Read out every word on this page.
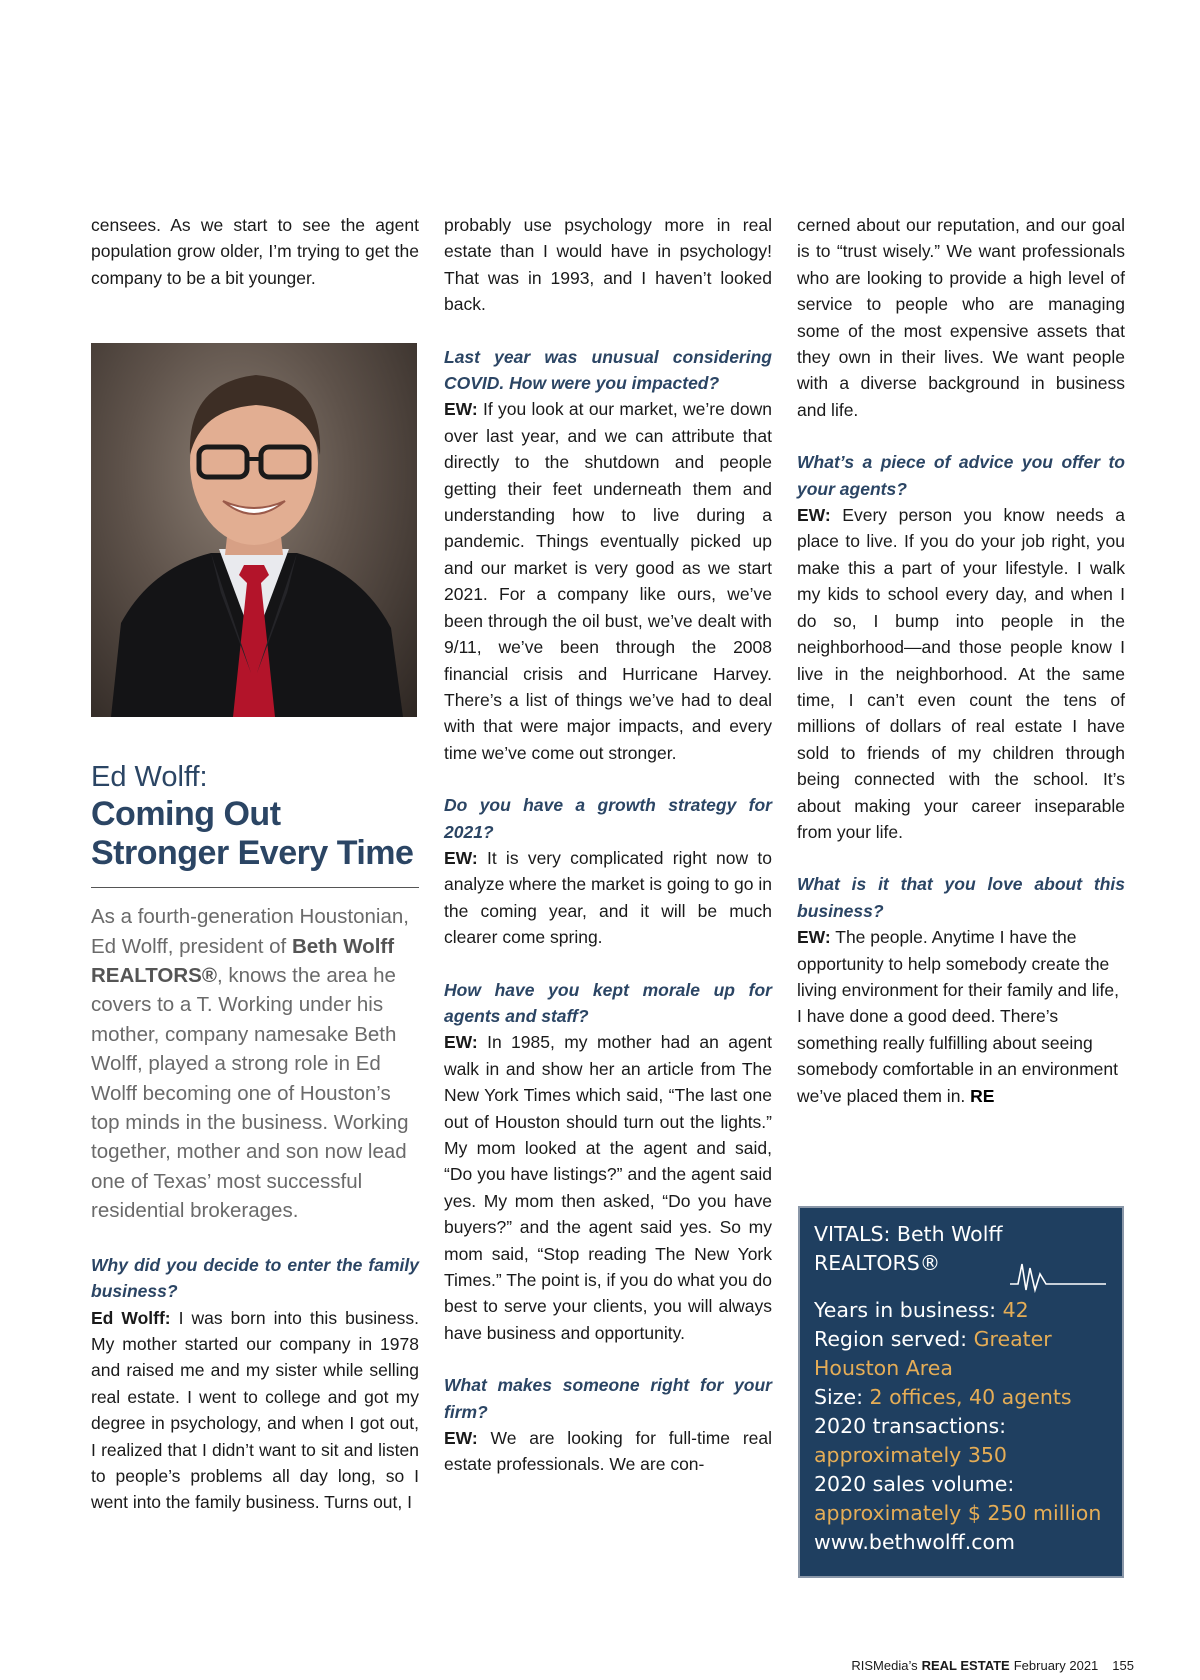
censees. As we start to see the agent population grow older, I’m trying to get the company to be a bit younger.

Ed Wolff:
Coming Out Stronger Every Time

As a fourth-generation Houstonian, Ed Wolff, president of Beth Wolff REALTORS®, knows the area he covers to a T. Working under his mother, company namesake Beth Wolff, played a strong role in Ed Wolff becoming one of Houston’s top minds in the business. Working together, mother and son now lead one of Texas’ most successful residential brokerages.

Why did you decide to enter the family business?

Ed Wolff: I was born into this business. My mother started our company in 1978 and raised me and my sister while selling real estate. I went to college and got my degree in psychology, and when I got out, I realized that I didn’t want to sit and listen to people’s problems all day long, so I went into the family business. Turns out, I

probably use psychology more in real estate than I would have in psychology! That was in 1993, and I haven’t looked back.

Last year was unusual considering COVID. How were you impacted?

EW: If you look at our market, we’re down over last year, and we can attribute that directly to the shutdown and people getting their feet underneath them and understanding how to live during a pandemic. Things eventually picked up and our market is very good as we start 2021. For a company like ours, we’ve been through the oil bust, we’ve dealt with 9/11, we’ve been through the 2008 financial crisis and Hurricane Harvey. There’s a list of things we’ve had to deal with that were major impacts, and every time we’ve come out stronger.

Do you have a growth strategy for 2021?

EW: It is very complicated right now to analyze where the market is going to go in the coming year, and it will be much clearer come spring.

How have you kept morale up for agents and staff?

EW: In 1985, my mother had an agent walk in and show her an article from The New York Times which said, “The last one out of Houston should turn out the lights.” My mom looked at the agent and said, “Do you have listings?” and the agent said yes. My mom then asked, “Do you have buyers?” and the agent said yes. So my mom said, “Stop reading The New York Times.” The point is, if you do what you do best to serve your clients, you will always have business and opportunity.

What makes someone right for your firm?

EW: We are looking for full-time real estate professionals. We are con-

cerned about our reputation, and our goal is to “trust wisely.” We want professionals who are looking to provide a high level of service to people who are managing some of the most expensive assets that they own in their lives. We want people with a diverse background in business and life.

What’s a piece of advice you offer to your agents?

EW: Every person you know needs a place to live. If you do your job right, you make this a part of your lifestyle. I walk my kids to school every day, and when I do so, I bump into people in the neighborhood—and those people know I live in the neighborhood. At the same time, I can’t even count the tens of millions of dollars of real estate I have sold to friends of my children through being connected with the school. It’s about making your career inseparable from your life.

What is it that you love about this business?

EW: The people. Anytime I have the opportunity to help somebody create the living environment for their family and life, I have done a good deed. There’s something really fulfilling about seeing somebody comfortable in an environment we’ve placed them in. RE

VITALS: Beth Wolff
REALTORS®
Years in business: 42
Region served: Greater Houston Area
Size: 2 offices, 40 agents
2020 transactions:
approximately 350
2020 sales volume:
approximately $ 250 million
www.bethwolff.com
RISMedia’s REAL ESTATE February 2021 155
